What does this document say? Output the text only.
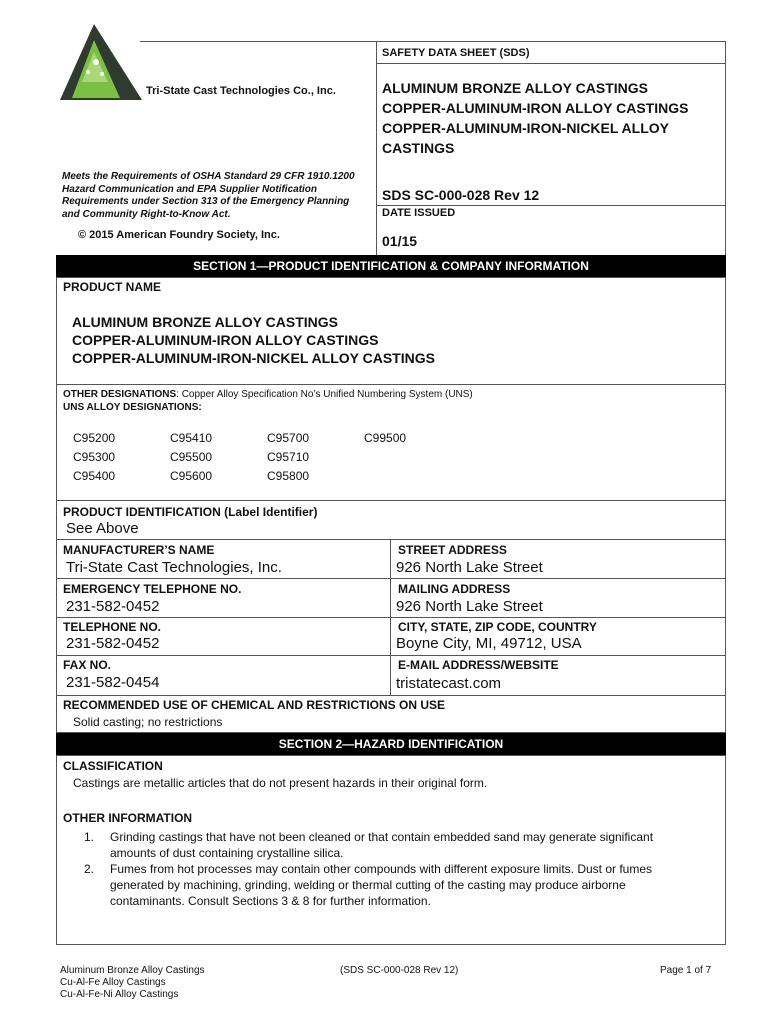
Tri-State Cast Technologies Co., Inc.
Meets the Requirements of OSHA Standard 29 CFR 1910.1200
Hazard Communication and EPA Supplier Notification
Requirements under Section 313 of the Emergency Planning
and Community Right-to-Know Act.
© 2015 American Foundry Society, Inc.
SAFETY DATA SHEET (SDS)
ALUMINUM BRONZE ALLOY CASTINGS
COPPER-ALUMINUM-IRON ALLOY CASTINGS
COPPER-ALUMINUM-IRON-NICKEL ALLOY
CASTINGS
SDS SC-000-028 Rev 12
DATE ISSUED
01/15
SECTION 1—PRODUCT IDENTIFICATION & COMPANY INFORMATION
PRODUCT NAME
ALUMINUM BRONZE ALLOY CASTINGS
COPPER-ALUMINUM-IRON ALLOY CASTINGS
COPPER-ALUMINUM-IRON-NICKEL ALLOY CASTINGS
OTHER DESIGNATIONS: Copper Alloy Specification No’s Unified Numbering System (UNS)
UNS ALLOY DESIGNATIONS:
C95200
C95300
C95400
C95410
C95500
C95600
C95700
C95710
C95800
C99500
PRODUCT IDENTIFICATION (Label Identifier)
See Above
MANUFACTURER’S NAME
Tri-State Cast Technologies, Inc.
STREET ADDRESS
926 North Lake Street
EMERGENCY TELEPHONE NO.
231-582-0452
MAILING ADDRESS
926 North Lake Street
TELEPHONE NO.
231-582-0452
CITY, STATE, ZIP CODE, COUNTRY
Boyne City, MI, 49712, USA
FAX NO.
231-582-0454
E-MAIL ADDRESS/WEBSITE
tristatecast.com
RECOMMENDED USE OF CHEMICAL AND RESTRICTIONS ON USE
Solid casting; no restrictions
SECTION 2—HAZARD IDENTIFICATION
CLASSIFICATION
Castings are metallic articles that do not present hazards in their original form.
OTHER INFORMATION
1. Grinding castings that have not been cleaned or that contain embedded sand may generate significant
amounts of dust containing crystalline silica.
2. Fumes from hot processes may contain other compounds with different exposure limits. Dust or fumes
generated by machining, grinding, welding or thermal cutting of the casting may produce airborne
contaminants. Consult Sections 3 & 8 for further information.
Aluminum Bronze Alloy Castings
Cu-Al-Fe Alloy Castings
Cu-Al-Fe-Ni Alloy Castings
(SDS SC-000-028 Rev 12)	Page 1 of 7
